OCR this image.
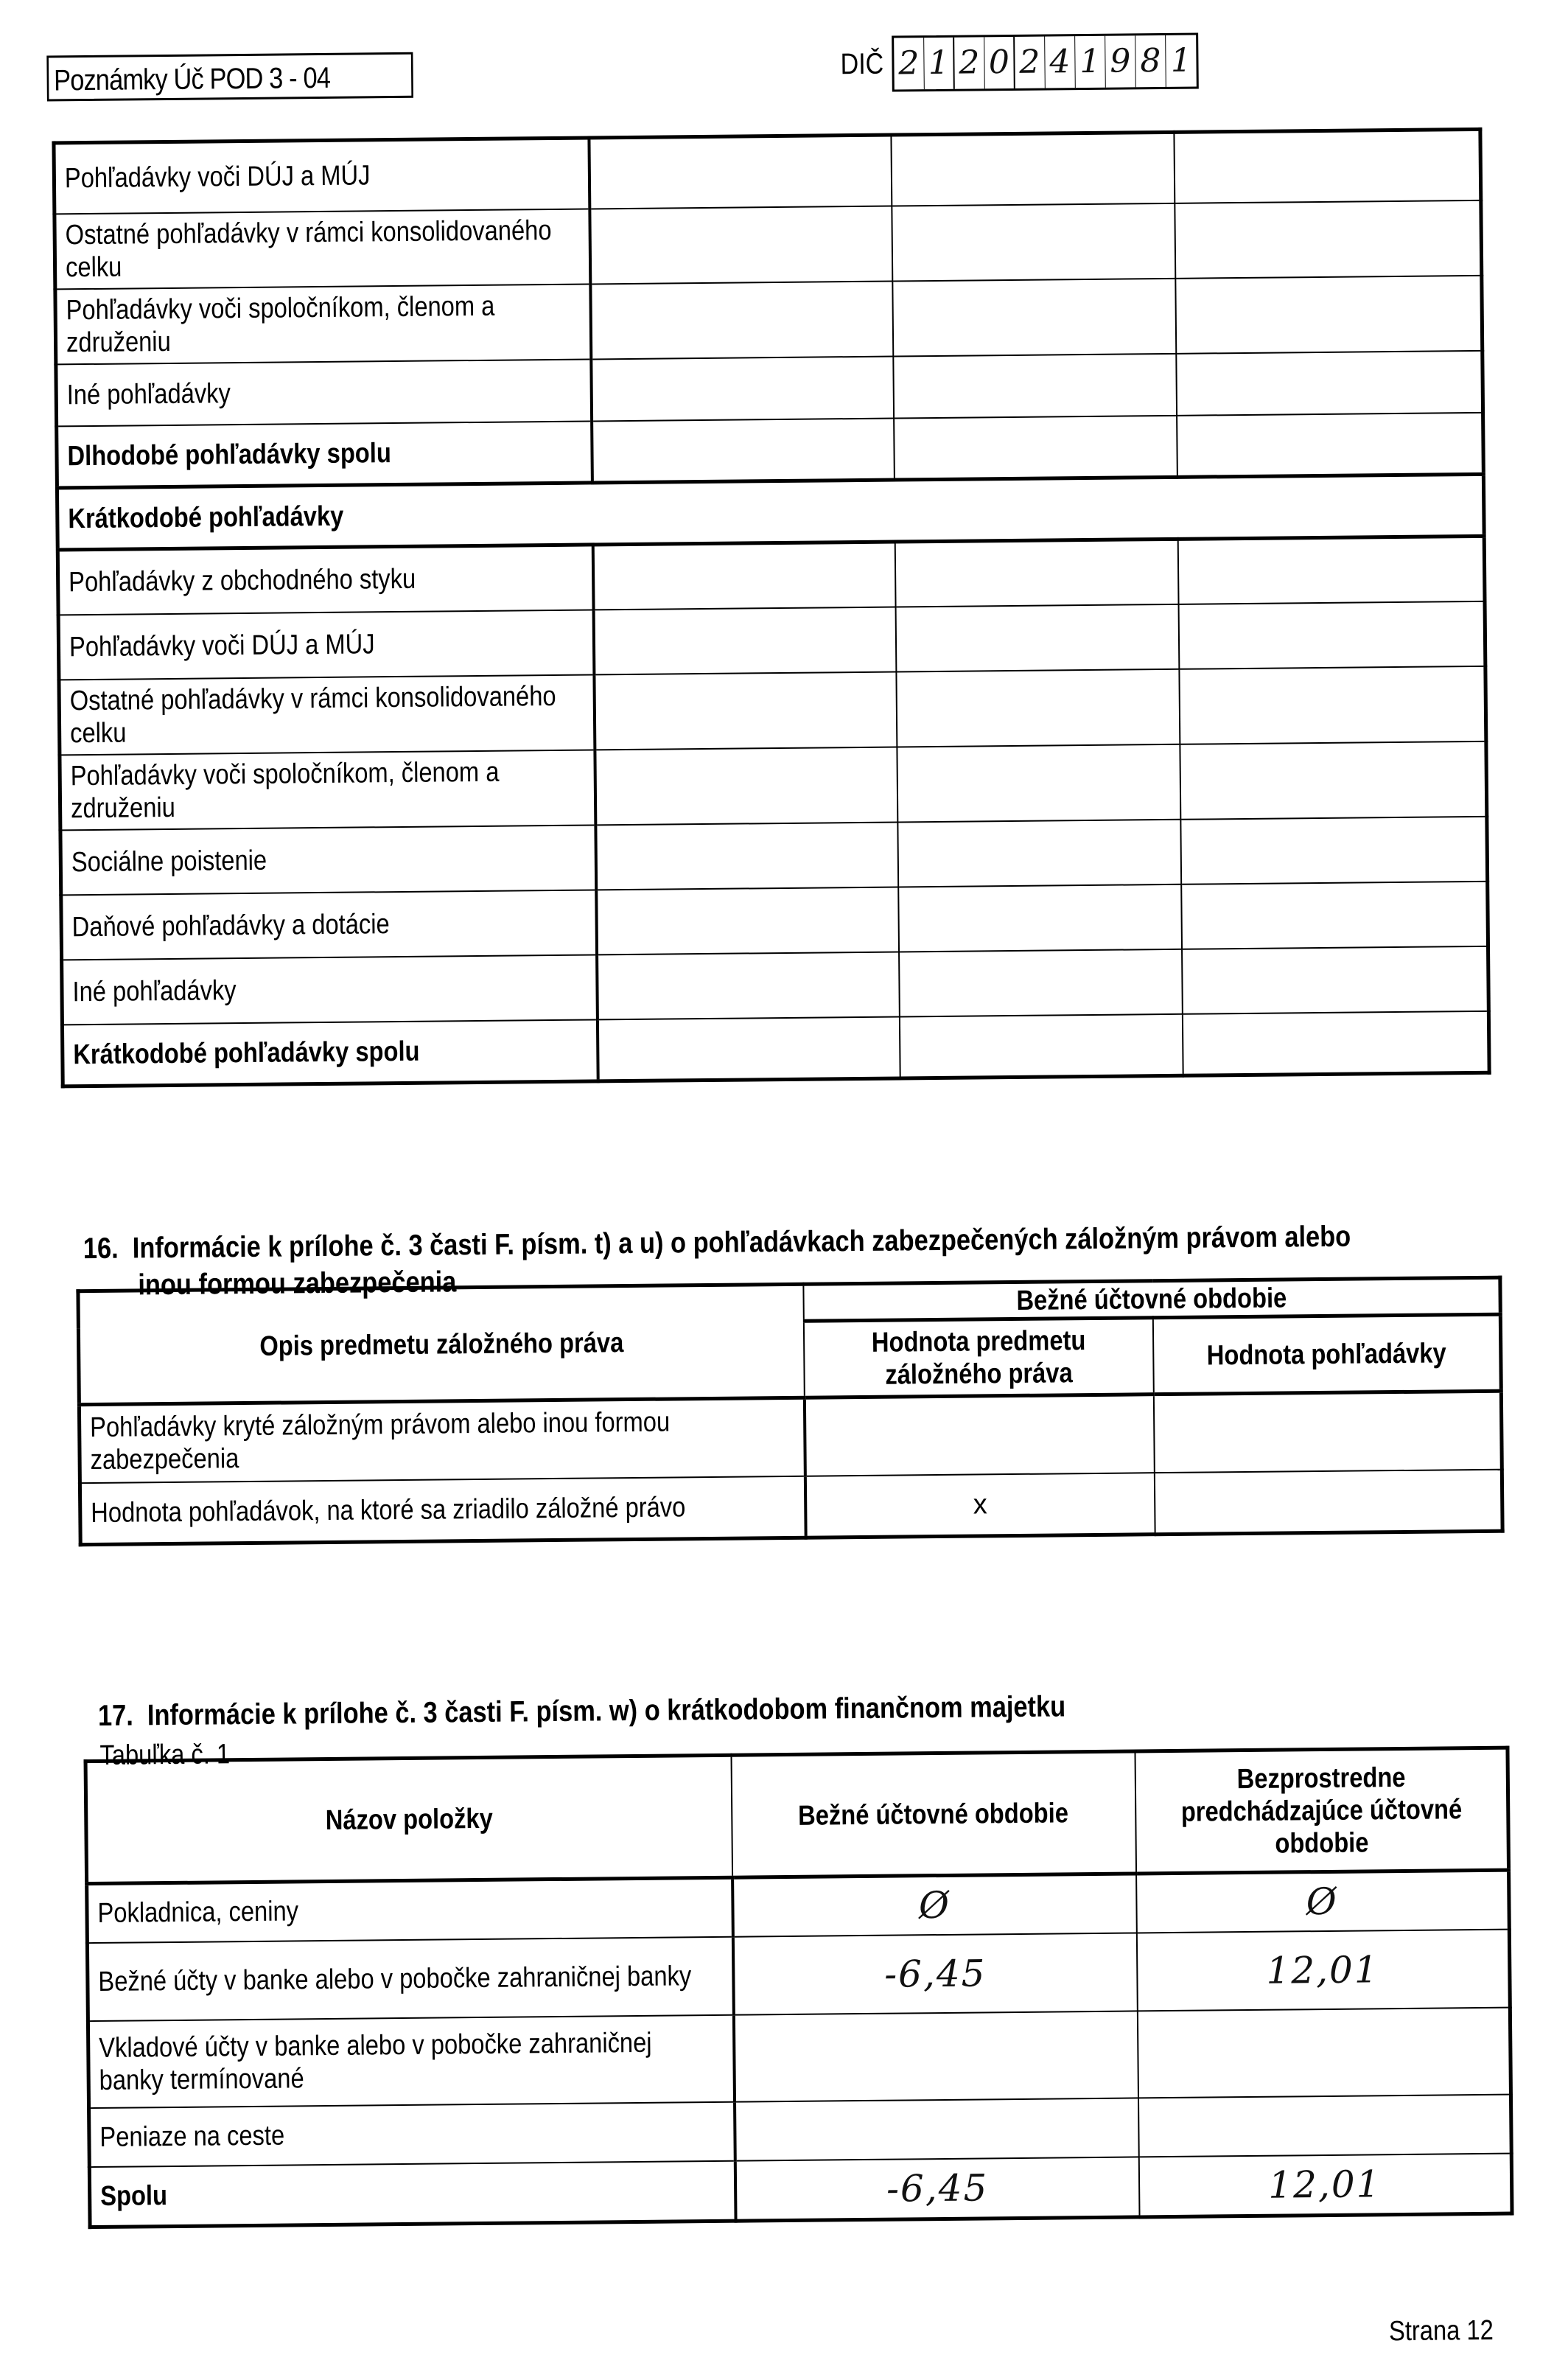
Poznámky Úč POD 3 - 04	DIČ 2 1 2 0 2 4 1 9 8 1
Pohľadávky voči DÚJ a MÚJ			
Ostatné pohľadávky v rámci konsolidovaného celku			
Pohľadávky voči spoločníkom, členom a združeniu			
Iné pohľadávky			
Dlhodobé pohľadávky spolu			
Krátkodobé pohľadávky			
Pohľadávky z obchodného styku			
Pohľadávky voči DÚJ a MÚJ			
Ostatné pohľadávky v rámci konsolidovaného celku			
Pohľadávky voči spoločníkom, členom a združeniu			
Sociálne poistenie			
Daňové pohľadávky a dotácie			
Iné pohľadávky			
Krátkodobé pohľadávky spolu			
16. Informácie k prílohe č. 3 časti F. písm. t) a u) o pohľadávkach zabezpečených záložným právom alebo
inou formou zabezpečenia
Opis predmetu záložného práva	Bežné účtovné obdobie	
	Hodnota predmetu záložného práva	Hodnota pohľadávky
Pohľadávky kryté záložným právom alebo inou formou zabezpečenia		
Hodnota pohľadávok, na ktoré sa zriadilo záložné právo	x	
17. Informácie k prílohe č. 3 časti F. písm. w) o krátkodobom finančnom majetku
Tabuľka č. 1
Názov položky	Bežné účtovné obdobie	Bezprostredne predchádzajúce účtovné obdobie
Pokladnica, ceniny	Ø	Ø
Bežné účty v banke alebo v pobočke zahraničnej banky	-6,45	12,01
Vkladové účty v banke alebo v pobočke zahraničnej banky termínované		
Peniaze na ceste		
Spolu	-6,45	12,01
Strana 12
